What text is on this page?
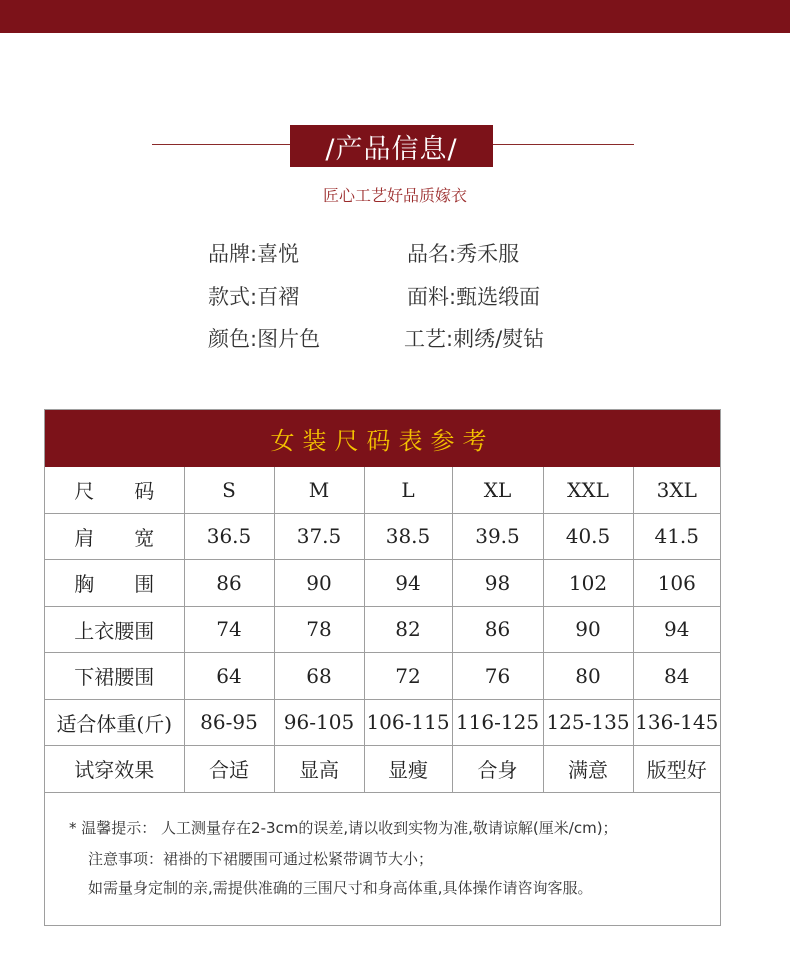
/产品信息/
匠心工艺好品质嫁衣
品牌:喜悦	品名:秀禾服
款式:百褶	面料:甄选缎面
颜色:图片色	工艺:刺绣/熨钻
女装尺码表参考
尺　　码	S	M	L	XL	XXL	3XL
肩　　宽	36.5	37.5	38.5	39.5	40.5	41.5
胸　　围	86	90	94	98	102	106
上衣腰围	74	78	82	86	90	94
下裙腰围	64	68	72	76	80	84
适合体重(斤)	86-95	96-105	106-115	116-125	125-135	136-145
试穿效果	合适	显高	显瘦	合身	满意	版型好
* 温馨提示： 人工测量存在2-3cm的误差,请以收到实物为准,敬请谅解(厘米/cm)；
注意事项：裙褂的下裙腰围可通过松紧带调节大小；
如需量身定制的亲,需提供准确的三围尺寸和身高体重,具体操作请咨询客服。
